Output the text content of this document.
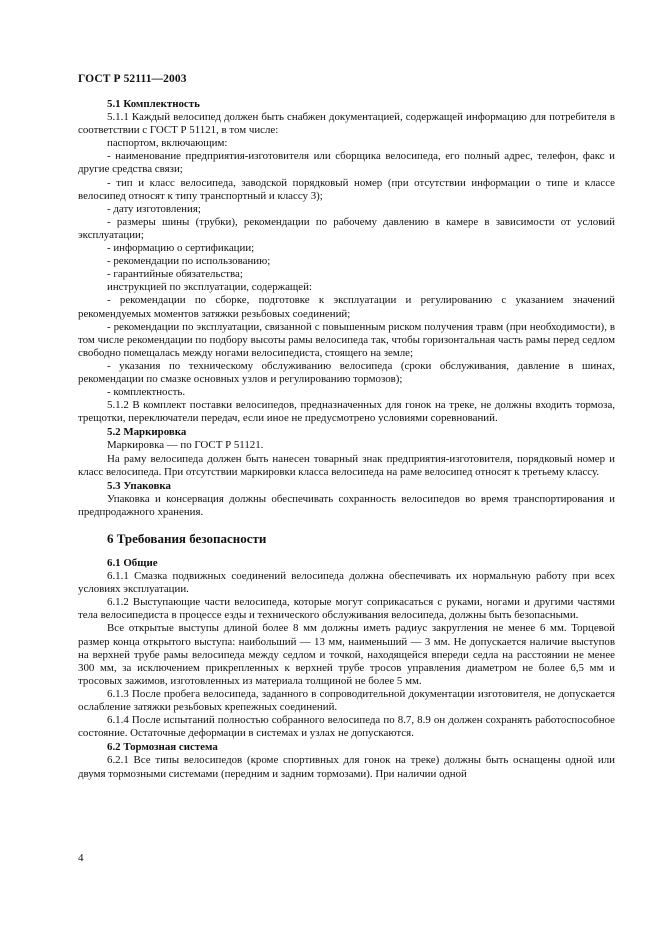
ГОСТ Р 52111—2003

5.1 Комплектность

5.1.1 Каждый велосипед должен быть снабжен документацией, содержащей информацию для потребителя в соответствии с ГОСТ Р 51121, в том числе:

паспортом, включающим:

- наименование предприятия-изготовителя или сборщика велосипеда, его полный адрес, телефон, факс и другие средства связи;

- тип и класс велосипеда, заводской порядковый номер (при отсутствии информации о типе и классе велосипед относят к типу транспортный и классу 3);

- дату изготовления;

- размеры шины (трубки), рекомендации по рабочему давлению в камере в зависимости от условий эксплуатации;

- информацию о сертификации;

- рекомендации по использованию;

- гарантийные обязательства;

инструкцией по эксплуатации, содержащей:

- рекомендации по сборке, подготовке к эксплуатации и регулированию с указанием значений рекомендуемых моментов затяжки резьбовых соединений;

- рекомендации по эксплуатации, связанной с повышенным риском получения травм (при необходимости), в том числе рекомендации по подбору высоты рамы велосипеда так, чтобы горизонтальная часть рамы перед седлом свободно помещалась между ногами велосипедиста, стоящего на земле;

- указания по техническому обслуживанию велосипеда (сроки обслуживания, давление в шинах, рекомендации по смазке основных узлов и регулированию тормозов);

- комплектность.

5.1.2 В комплект поставки велосипедов, предназначенных для гонок на треке, не должны входить тормоза, трещотки, переключатели передач, если иное не предусмотрено условиями соревнований.

5.2 Маркировка

Маркировка — по ГОСТ Р 51121.

На раму велосипеда должен быть нанесен товарный знак предприятия-изготовителя, порядковый номер и класс велосипеда. При отсутствии маркировки класса велосипеда на раме велосипед относят к третьему классу.

5.3 Упаковка

Упаковка и консервация должны обеспечивать сохранность велосипедов во время транспортирования и предпродажного хранения.

6 Требования безопасности

6.1 Общие

6.1.1 Смазка подвижных соединений велосипеда должна обеспечивать их нормальную работу при всех условиях эксплуатации.

6.1.2 Выступающие части велосипеда, которые могут соприкасаться с руками, ногами и другими частями тела велосипедиста в процессе езды и технического обслуживания велосипеда, должны быть безопасными.

Все открытые выступы длиной более 8 мм должны иметь радиус закругления не менее 6 мм. Торцевой размер конца открытого выступа: наибольший — 13 мм, наименьший — 3 мм. Не допускается наличие выступов на верхней трубе рамы велосипеда между седлом и точкой, находящейся впереди седла на расстоянии не менее 300 мм, за исключением прикрепленных к верхней трубе тросов управления диаметром не более 6,5 мм и тросовых зажимов, изготовленных из материала толщиной не более 5 мм.

6.1.3 После пробега велосипеда, заданного в сопроводительной документации изготовителя, не допускается ослабление затяжки резьбовых крепежных соединений.

6.1.4 После испытаний полностью собранного велосипеда по 8.7, 8.9 он должен сохранять работоспособное состояние. Остаточные деформации в системах и узлах не допускаются.

6.2 Тормозная система

6.2.1 Все типы велосипедов (кроме спортивных для гонок на треке) должны быть оснащены одной или двумя тормозными системами (передним и задним тормозами). При наличии одной

4
